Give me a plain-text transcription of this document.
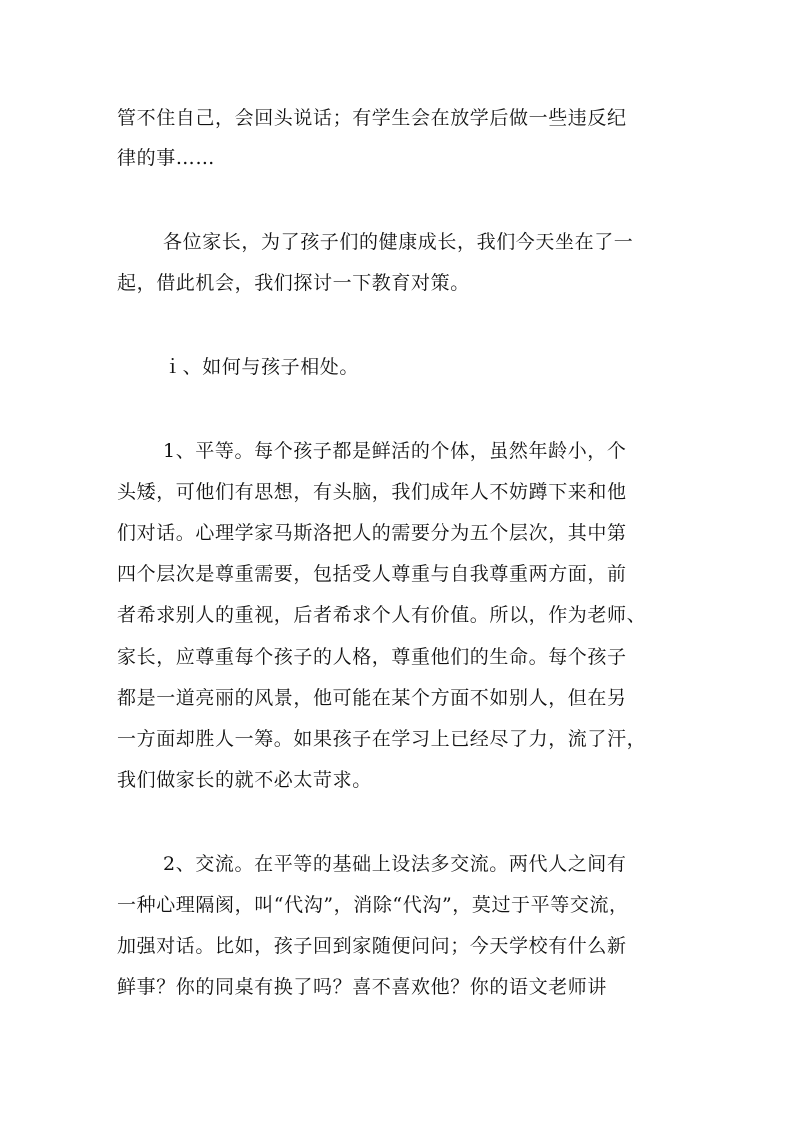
管不住自己，会回头说话；有学生会在放学后做一些违反纪
律的事……
各位家长，为了孩子们的健康成长，我们今天坐在了一
起，借此机会，我们探讨一下教育对策。
ｉ、如何与孩子相处。
1、平等。每个孩子都是鲜活的个体，虽然年龄小，个
头矮，可他们有思想，有头脑，我们成年人不妨蹲下来和他
们对话。心理学家马斯洛把人的需要分为五个层次，其中第
四个层次是尊重需要，包括受人尊重与自我尊重两方面，前
者希求别人的重视，后者希求个人有价值。所以，作为老师、
家长，应尊重每个孩子的人格，尊重他们的生命。每个孩子
都是一道亮丽的风景，他可能在某个方面不如别人，但在另
一方面却胜人一筹。如果孩子在学习上已经尽了力，流了汗，
我们做家长的就不必太苛求。
2、交流。在平等的基础上设法多交流。两代人之间有
一种心理隔阂，叫“代沟”，消除“代沟”，莫过于平等交流，
加强对话。比如，孩子回到家随便问问；今天学校有什么新
鲜事？你的同桌有换了吗？喜不喜欢他？你的语文老师讲
